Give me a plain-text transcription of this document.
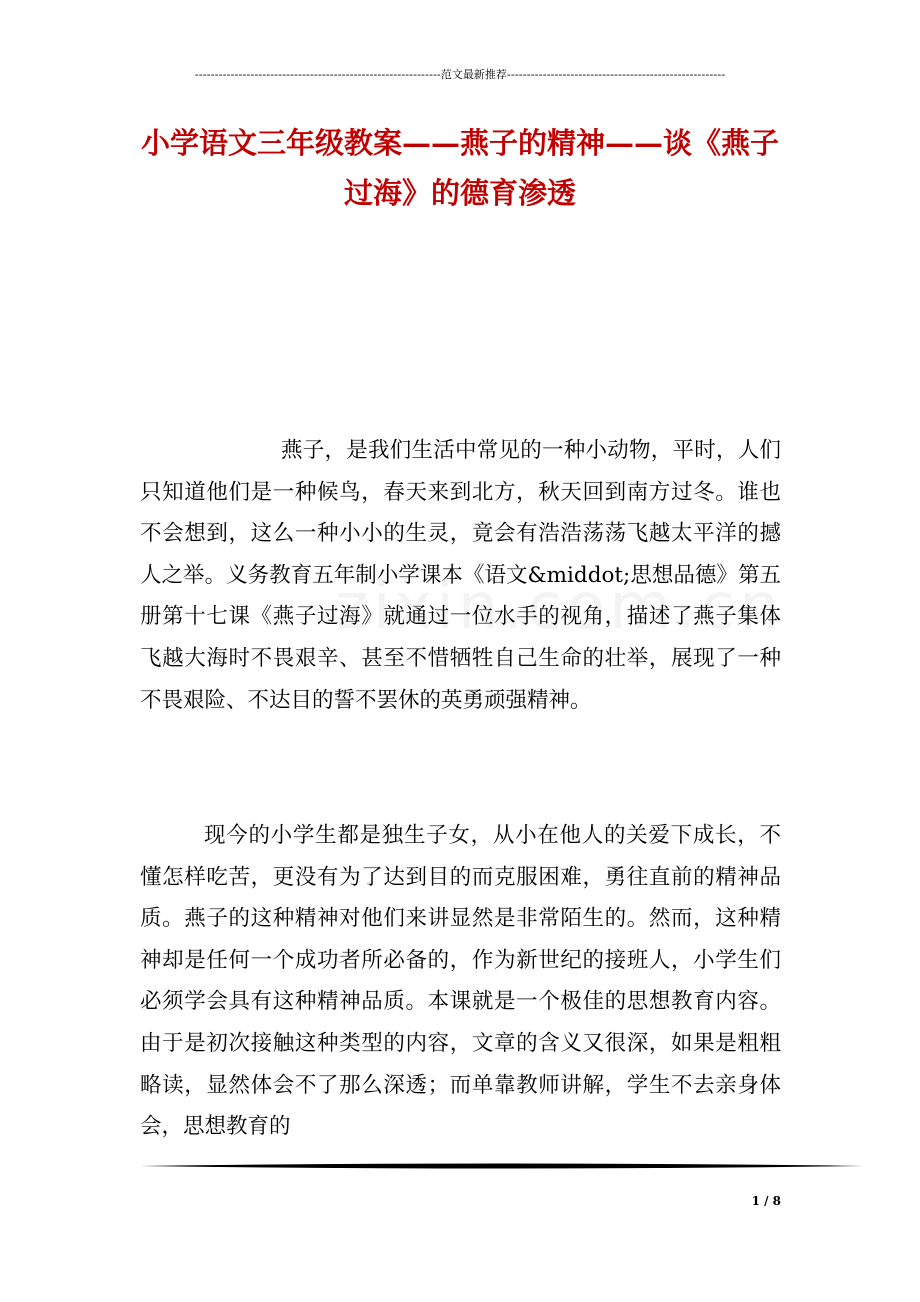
--------------------------------------------------------------范文最新推荐-------------------------------------------------------
小学语文三年级教案——燕子的精神——谈《燕子过海》的德育渗透

燕子，是我们生活中常见的一种小动物，平时，人们只知道他们是一种候鸟，春天来到北方，秋天回到南方过冬。谁也不会想到，这么一种小小的生灵，竟会有浩浩荡荡飞越太平洋的撼人之举。义务教育五年制小学课本《语文&middot;思想品德》第五册第十七课《燕子过海》就通过一位水手的视角，描述了燕子集体飞越大海时不畏艰辛、甚至不惜牺牲自己生命的壮举，展现了一种不畏艰险、不达目的誓不罢休的英勇顽强精神。

现今的小学生都是独生子女，从小在他人的关爱下成长，不懂怎样吃苦，更没有为了达到目的而克服困难，勇往直前的精神品质。燕子的这种精神对他们来讲显然是非常陌生的。然而，这种精神却是任何一个成功者所必备的，作为新世纪的接班人，小学生们必须学会具有这种精神品质。本课就是一个极佳的思想教育内容。由于是初次接触这种类型的内容，文章的含义又很深，如果是粗粗略读，显然体会不了那么深透；而单靠教师讲解，学生不去亲身体会，思想教育的

1 / 8
